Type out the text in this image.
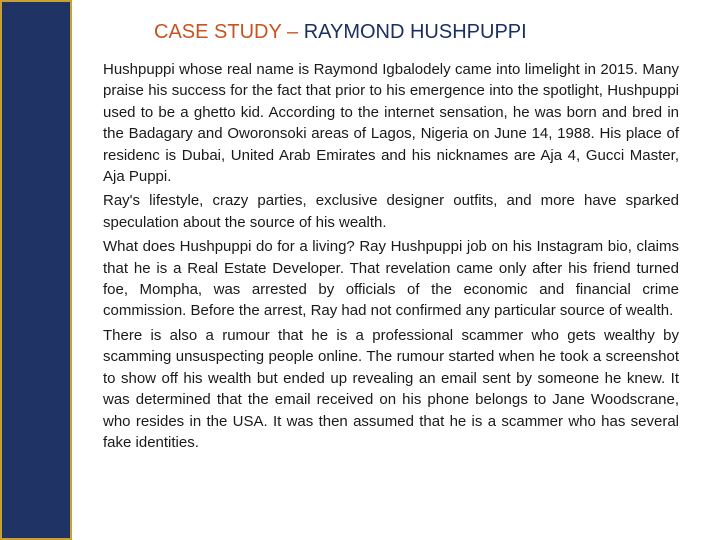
CASE STUDY – RAYMOND HUSHPUPPI

Hushpuppi whose real name is Raymond Igbalodely came into limelight in 2015. Many praise his success for the fact that prior to his emergence into the spotlight, Hushpuppi used to be a ghetto kid. According to the internet sensation, he was born and bred in the Badagary and Oworonsoki areas of Lagos, Nigeria on June 14, 1988. His place of residenc is Dubai, United Arab Emirates and his nicknames are Aja 4, Gucci Master, Aja Puppi.

Ray's lifestyle, crazy parties, exclusive designer outfits, and more have sparked speculation about the source of his wealth.

What does Hushpuppi do for a living? Ray Hushpuppi job on his Instagram bio, claims that he is a Real Estate Developer. That revelation came only after his friend turned foe, Mompha, was arrested by officials of the economic and financial crime commission. Before the arrest, Ray had not confirmed any particular source of wealth.

There is also a rumour that he is a professional scammer who gets wealthy by scamming unsuspecting people online. The rumour started when he took a screenshot to show off his wealth but ended up revealing an email sent by someone he knew. It was determined that the email received on his phone belongs to Jane Woodscrane, who resides in the USA. It was then assumed that he is a scammer who has several fake identities.
